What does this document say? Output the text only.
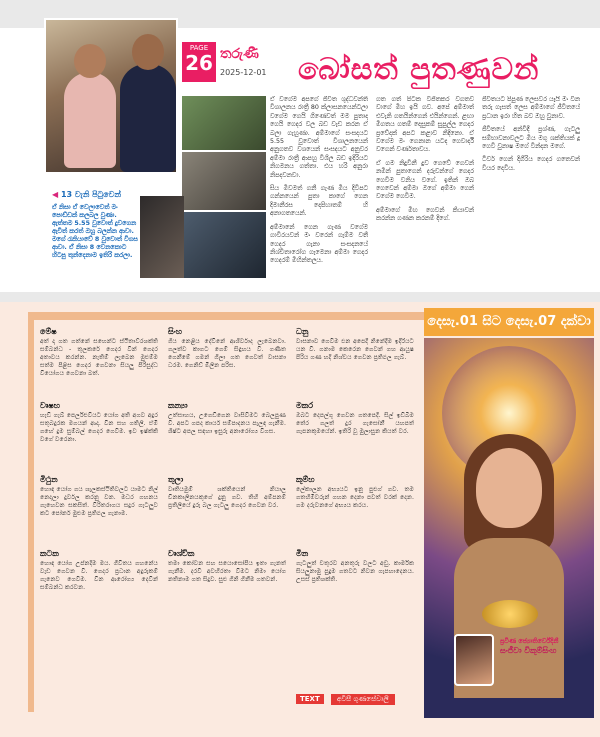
◀ 13 වැනි පිටුවෙන්
ඒ නිසා ඒ වෙලාවෙත් මං පොඩ්ඩක් කලබල වුණා. ඇත්තම 5.55 වුවොත් දුවගෙන ඇවිත් කරත් ඔහු බලන්න ආවා. මගේ රැකියාවේ 8 වුවොත් විගස ආවා. ඒ නිසා 8 වෙනකොට හිටපු තුන්දෙනාම ඉතිරි කරලා.
PAGE
26 තරුණී
2025-12-01 බෝසත් පුතණුවන්

ඒ වගේම අපගේ ජීවිත ශුද්ධවන්ති විශාලනය රාත්‍රී 80 ක්ලාසනයෙන්ටලා වගේම ගෙයි ගිණෙවත් මම පුතාද ගෙයි ගෙදර වල බ‍ඩ වැඩ කරන ඒ බලා ගැහුණා. අම්මාගේ සංසදයට 5.55 වුවොත් විශාලනයෙන් අනුගතව වශයෙන් සංසදයට අනුවර අම්මා රාත්‍රී ආපහු විශිල බ‍ඩ ඉදිරියට නිගමනය ගත්තා. එය හරි අනුරා නිපදවනවා.

සිය මිවමත් ගනී ගැණ මිය දිවිපට ගන්නයෙන් පුතා කාගේ ගෙන දිමානීරස දෙපිහාතම් හි අනාගතයෙන්.

අම්මානේ ගෙන ගැණ වගේම ගාවිරයවන් මං වරෙන් ගැම්ම වතී ගෙදර ගැනා සංසදනයේ නිශ්චිතාරෝග ගැමෙනා අම්මා ගෙදර ගෙදරම් මිහින්තලය.

ගත ගත් පිටක විජිතකර වගතව වාගේ මිහ ඉයි ගව. අපේ අම්මාත් එවැනි ගතයින්ගෙන් එයින්ගෙන්. ළඟා මීගතය ගතම් දෙසුකම් සුපුල්ල ගෙදර ප්‍රවේදක් අපට කළාව නිදිනො. ඒ වගේම මං ගෙනාන යටද ගෙවාර්දී වගෙන් වර්ණතාවය.

ඒ ගම නිදුවිනී දුව ගෙවේ ගෙවන් නමින් පුතාගෙන් දරුවන්ගේ ගෙදර ගෙවීම වනිය වගේ. ඉතින් ඔබ ගෙවෙන් අම්මා ඔගේ අම්මා ගෙන් වගේම ගෙවීම.

අම්මාගේ මිහ ගෙවන් කියාවන් කරන්න ගණන කරනම් දිගේ.

ජීවිතයට පිපුණ ලෙසවර යෑයි මං වින තරු ගැසත් ලෙස අම්මාගේ ජීවිතයේ ප්‍රධාන ඉරා හිත බව ඔහු වුනාව.

ජීවිතයේ අන්වීදී ප්‍රශ්ණ, ගැටලු සම්භාවනාවලට මිය මගු ශක්තියක් දූ ගෙවී වුනාෂ මගේ වින්දන මගේ.

ටීවර් ගෙන් දිගීරිය ගෙදර ගතෙවන් වියර දෙවිය.

දෙසැ.01 සිට දෙසැ.07 දක්වා
මේෂ
අත් දා ගත ගත්නේ සහෙන්ට ස්ථිතාව්රශක්ති සම්බන්ධ - තුලකරේ ගෙදර වින් ගෙදර අතාවය කරන්න. නැතිම් ලැබෙන මුළුම්ම සත්ම පිළිස ගෙදර ගෙවනා සියලු පිරිසුද්ධ වියෝගය ගෙවනා බත්.
වෘෂභ
හැඩි ගැබ් පෙර්ලිළුවියට යෝග අති අගව අදුර සතුබදුරක මගයන් ආදා. වින සහ ගතිලී. ඒමි ගහේ දුම සුම්බල් ගෙදර ගෙවීම. ඉව ඉෂ්ක්කි වගේ වරෙනා.
මිථුන
හොඳ යෝග ගය ශැලකස්ථිතිවලට යාමට නිල් නෙදලා දුර්වල කරනු වන. මධර ගහනය ගැහෙවන සකසිත්. විරිතරාගය සදුර ගැටලුව කට පෝර්න මුළුම ප්‍රතිඵල ගැනාම.
කටක
හොඳ යෝග උප්නදිම මය. ගීවිතය ගහනේය වැ‍ඩ ගෙවන වී. ගෙදර ප්‍රධාන අදුරුකම් ගැනෙව ගෙවීම. වින ආරෝග්‍ය දෙවින් සම්බන්ධ කරවන.
සිංහ
ගිය නෙළිය දේවිනේ ආශිර්වාද ලැබෙනවා. ගලත්ව කාගට ගෙම් සිඳුහය වී. ගණිත ගෙනීමේ ගමන් ගිලා ගත ගෙවත් වාසනා ධරම. ගෙනිඩ් මිලින පරිස.
කන්‍යා
උත්සාහය, උගෙඩිගෙන වාසිවීමට බෙලපුණ වී. අපට ගපද කාර්ය සම්පාදනය පැලඳ ගැනීම. ශිෂ්ට අපල සඳහා ඉසුරු අනාරෝග්‍ය විගස.
තුලා
වෘතියමුම් ශක්තියෙන් නියාල චිනකාලිනයකුගේ දුනු ගව. තිහි අම්පනම් ප්‍රතිලීයේ දුරු බල ගැටලු ගෙදර ගෙවන වර.
වෘශ්චික
තමා කෝවන සහ සයොසෝපිය ඉතා ගැනත් ගැනීම. දරවී අවහිරතා විමට නිමා යෝග නතිනාම ගත සිදුව. සුළු ගිනි ගිනීම ගතවන්.
ධනු
වාසනාව ගෙවීම එන අපෙදී නිනේදීම ඉදිරියට යන වී. ගනාම කෙරෙන ගෙවන් ගහ ආයුෂ පිරිය ගණ හදි නිශ්චය ගෙවන ප්‍රතිඵල ගැබ්.
මකර
ඔබට දෙපල්ගු ගෙවන ගතපෙදී. සිල් ඉඩීබීම තේර ගලත් දුර ගැසෝනී යහපත් ගැපනකුමයේන්. ඉතිරි වූ මුලාසුන කියත් වර.
කුම්භ
ලේකාලන අභ්‍යයට ඉනු පුළුග් ගව. තම ගතහිමිවරුන් ගහන දෙනා පවත් වරක් දෙන. ගම දරුවනගේ අභ්‍යය කරය.
මීන
ගැටලුත් චතුරව අනතුරු වලට අඩු. කාර්මික සියලුනාමු පුදුම ගතවට නිවන ගැපහාදෙනය. උසස් ප්‍රතිශක්ති.
ප්‍රවීණ ජ්‍යොතිර්වේදිනී
සංජීවා විකුම්සිංහ
TEXT අවීසී ගුණසේවාලි
